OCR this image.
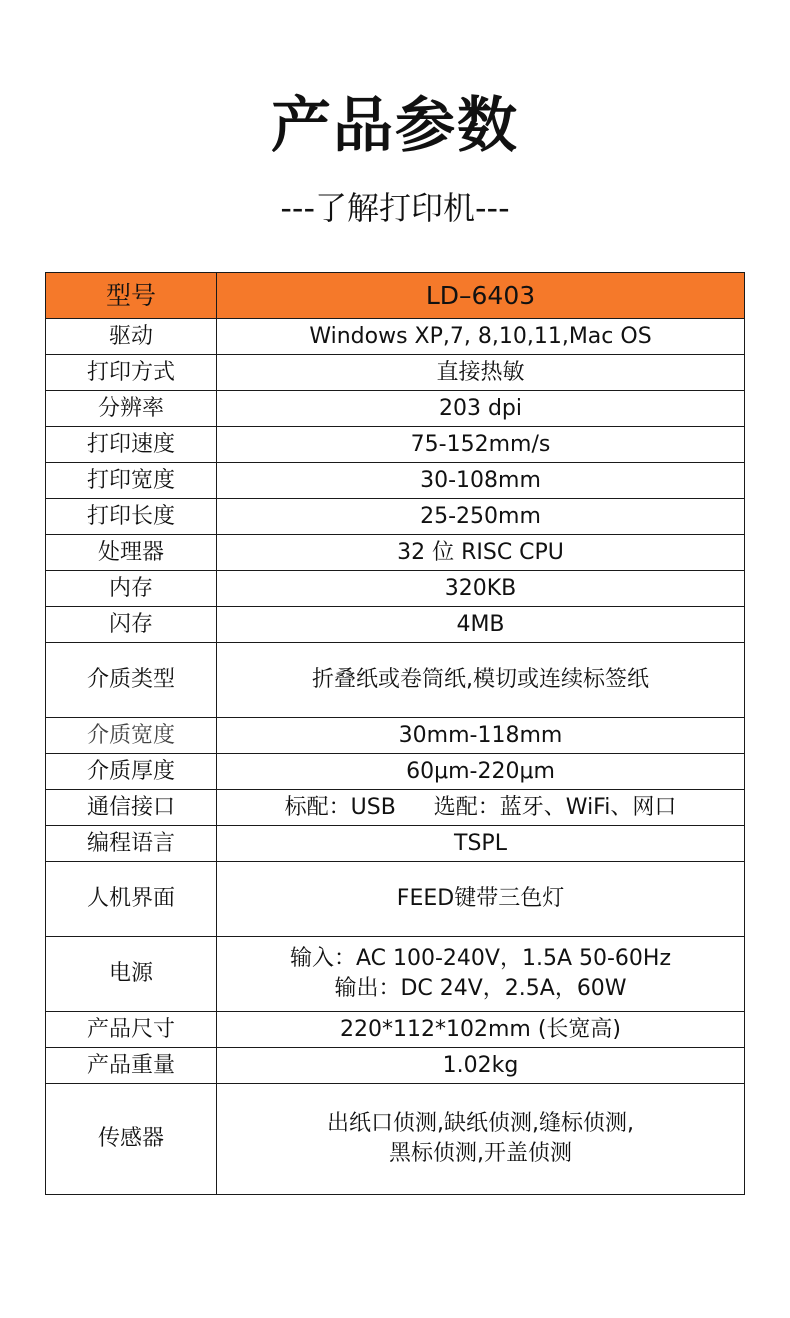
产品参数
---了解打印机---
型号	LD–6403
驱动	Windows XP,7, 8,10,11,Mac OS
打印方式	直接热敏
分辨率	203 dpi
打印速度	75-152mm/s
打印宽度	30-108mm
打印长度	25-250mm
处理器	32 位 RISC CPU
内存	320KB
闪存	4MB
介质类型	折叠纸或卷筒纸,模切或连续标签纸
介质宽度	30mm-118mm
介质厚度	60μm-220μm
通信接口	标配：USB 选配：蓝牙、WiFi、网口
编程语言	TSPL
人机界面	FEED键带三色灯
电源	输入：AC 100-240V，1.5A 50-60Hz
输出：DC 24V，2.5A，60W

产品尺寸	220*112*102mm (长宽高)
产品重量	1.02kg
传感器	出纸口侦测,缺纸侦测,缝标侦测,
黑标侦测,开盖侦测
